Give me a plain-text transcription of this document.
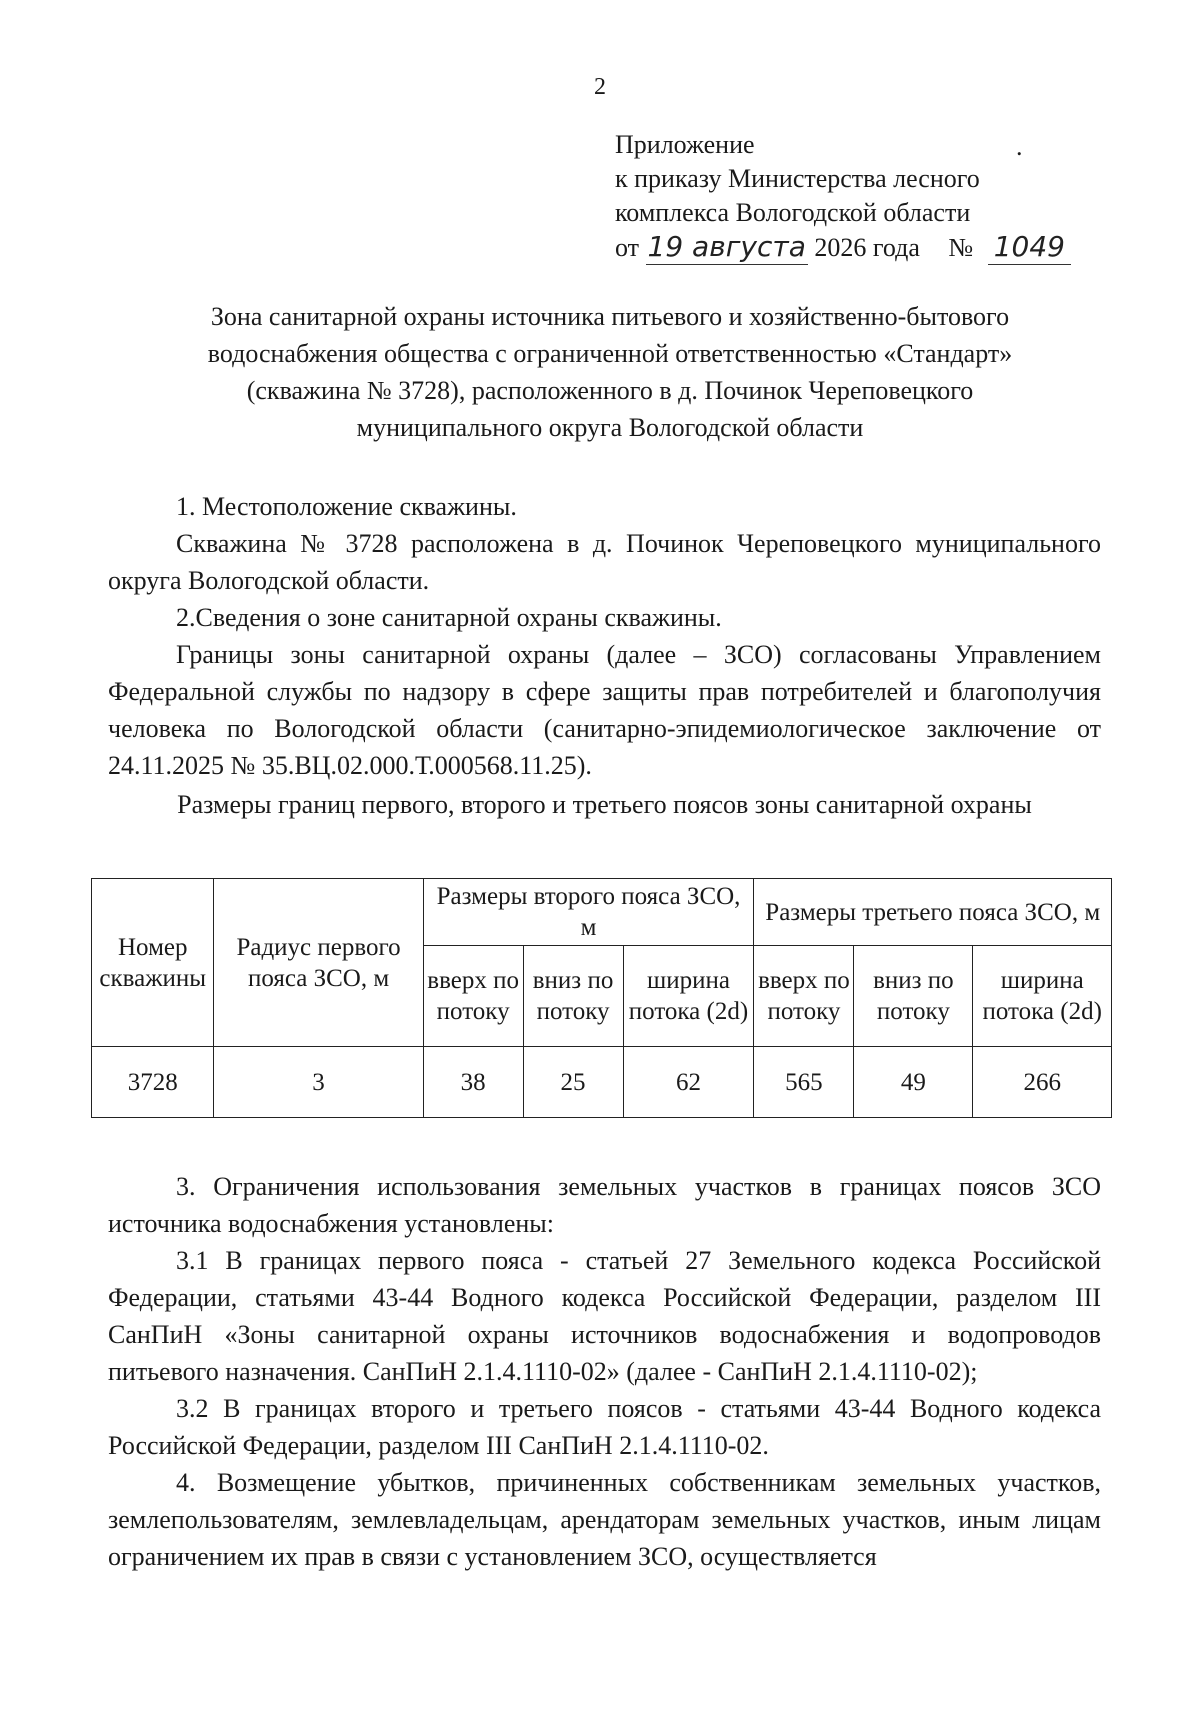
2
.
Приложение
к приказу Министерства лесного
комплекса Вологодской области
от 19 августа 2026 года № 1049
Зона санитарной охраны источника питьевого и хозяйственно-бытового
водоснабжения общества с ограниченной ответственностью «Стандарт»
(скважина № 3728), расположенного в д. Починок Череповецкого
муниципального округа Вологодской области

1. Местоположение скважины.

Скважина № 3728 расположена в д. Починок Череповецкого муниципального округа Вологодской области.

2.Сведения о зоне санитарной охраны скважины.

Границы зоны санитарной охраны (далее – ЗСО) согласованы Управлением Федеральной службы по надзору в сфере защиты прав потребителей и благополучия человека по Вологодской области (санитарно-эпидемиологическое заключение от 24.11.2025 № 35.ВЦ.02.000.Т.000568.11.25).

Размеры границ первого, второго и третьего поясов зоны санитарной охраны
Номер скважины	Радиус первого пояса ЗСО, м	Размеры второго пояса ЗСО, м			Размеры третьего пояса ЗСО, м		
		вверх по потоку	вниз по потоку	ширина потока (2d)	вверх по потоку	вниз по потоку	ширина потока (2d)
3728	3	38	25	62	565	49	266

3. Ограничения использования земельных участков в границах поясов ЗСО источника водоснабжения установлены:

3.1 В границах первого пояса - статьей 27 Земельного кодекса Российской Федерации, статьями 43-44 Водного кодекса Российской Федерации, разделом III СанПиН «Зоны санитарной охраны источников водоснабжения и водопроводов питьевого назначения. СанПиН 2.1.4.1110-02» (далее - СанПиН 2.1.4.1110-02);

3.2 В границах второго и третьего поясов - статьями 43-44 Водного кодекса Российской Федерации, разделом III СанПиН 2.1.4.1110-02.

4. Возмещение убытков, причиненных собственникам земельных участков, землепользователям, землевладельцам, арендаторам земельных участков, иным лицам ограничением их прав в связи с установлением ЗСО, осуществляется
